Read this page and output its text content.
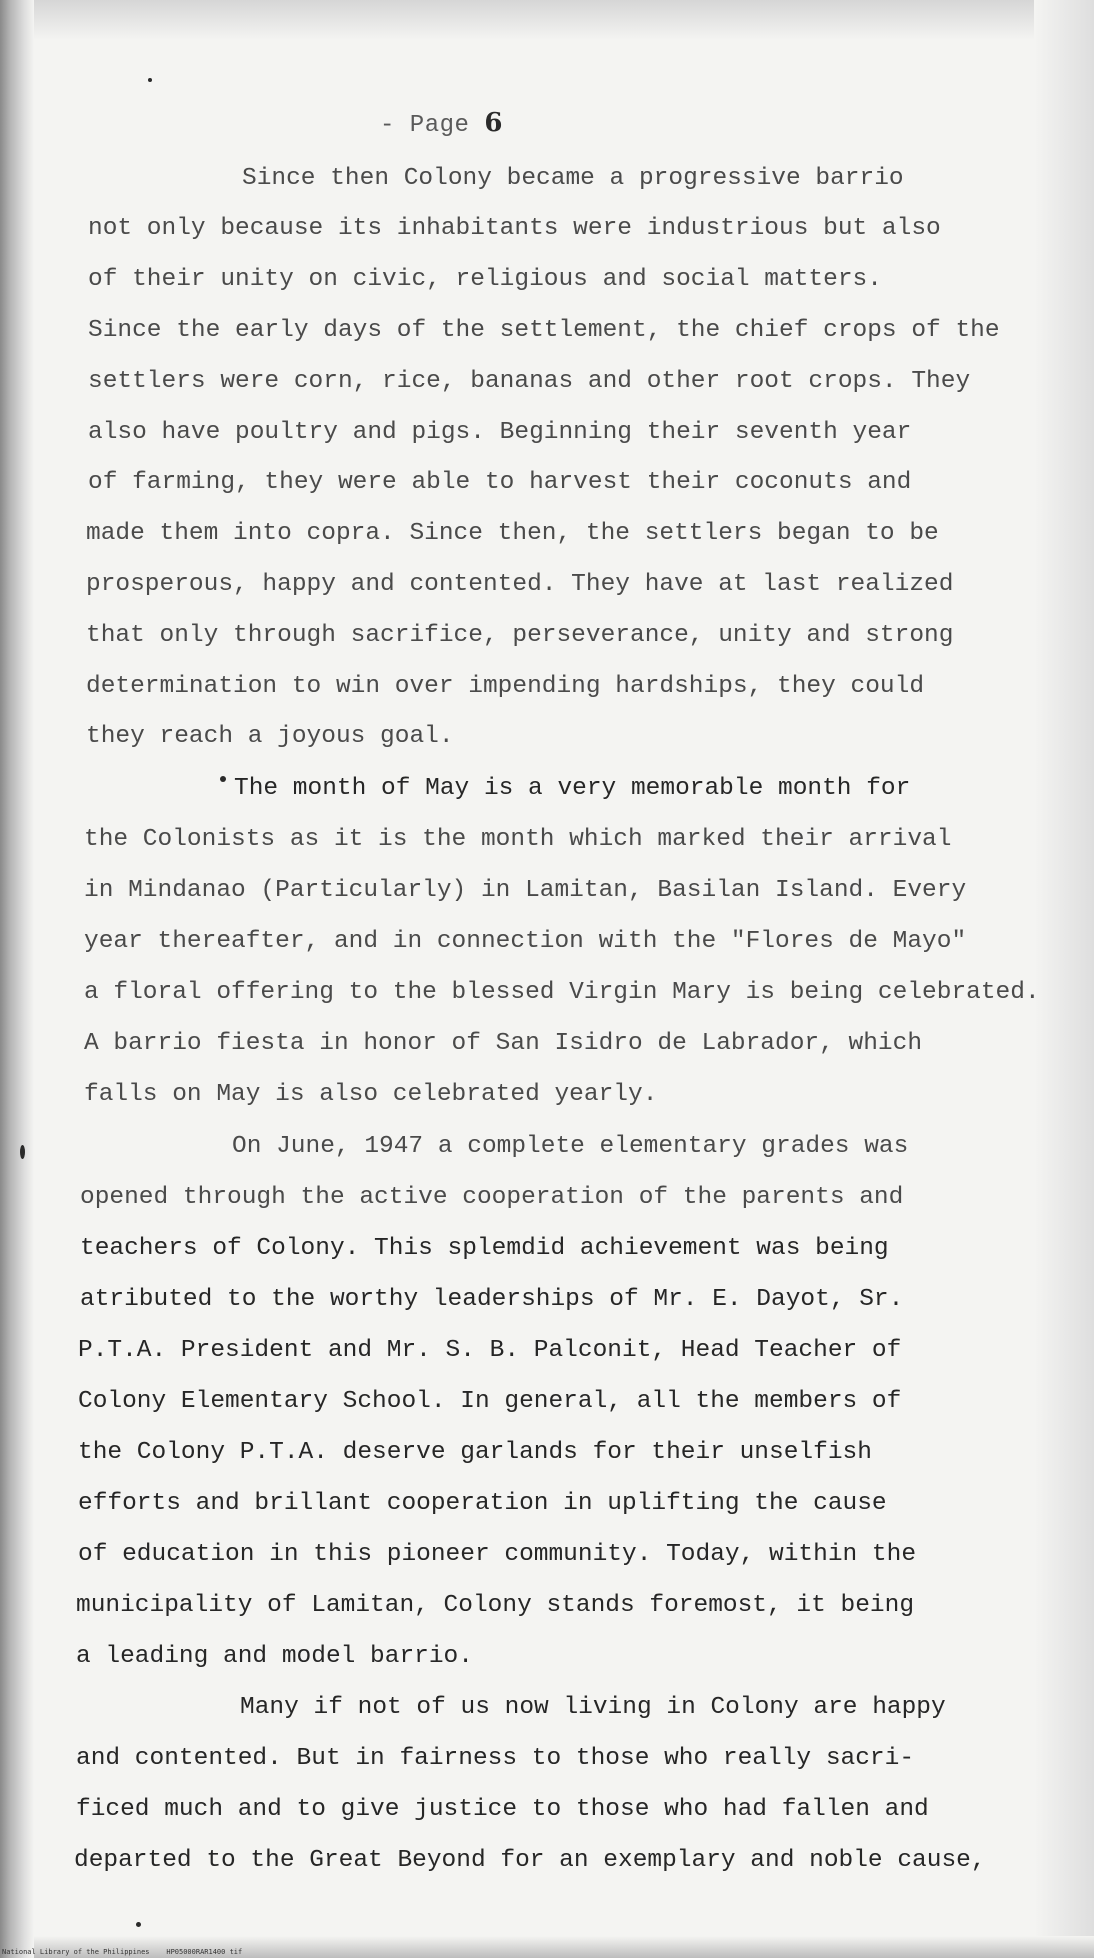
- Page 6
Since then Colony became a progressive barrio
not only because its inhabitants were industrious but also
of their unity on civic, religious and social matters.
Since the early days of the settlement, the chief crops of the
settlers were corn, rice, bananas and other root crops. They
also have poultry and pigs. Beginning their seventh year
of farming, they were able to harvest their coconuts and
made them into copra. Since then, the settlers began to be
prosperous, happy and contented. They have at last realized
that only through sacrifice, perseverance, unity and strong
determination to win over impending hardships, they could
they reach a joyous goal.
The month of May is a very memorable month for
the Colonists as it is the month which marked their arrival
in Mindanao (Particularly) in Lamitan, Basilan Island. Every
year thereafter, and in connection with the "Flores de Mayo"
a floral offering to the blessed Virgin Mary is being celebrated.
A barrio fiesta in honor of San Isidro de Labrador, which
falls on May is also celebrated yearly.
On June, 1947 a complete elementary grades was
opened through the active cooperation of the parents and
teachers of Colony. This splemdid achievement was being
atributed to the worthy leaderships of Mr. E. Dayot, Sr.
P.T.A. President and Mr. S. B. Palconit, Head Teacher of
Colony Elementary School. In general, all the members of
the Colony P.T.A. deserve garlands for their unselfish
efforts and brillant cooperation in uplifting the cause
of education in this pioneer community. Today, within the
municipality of Lamitan, Colony stands foremost, it being
a leading and model barrio.
Many if not of us now living in Colony are happy
and contented. But in fairness to those who really sacri-
ficed much and to give justice to those who had fallen and
departed to the Great Beyond for an exemplary and noble cause,
National Library of the Philippines    HP05000RAR1400 tif
